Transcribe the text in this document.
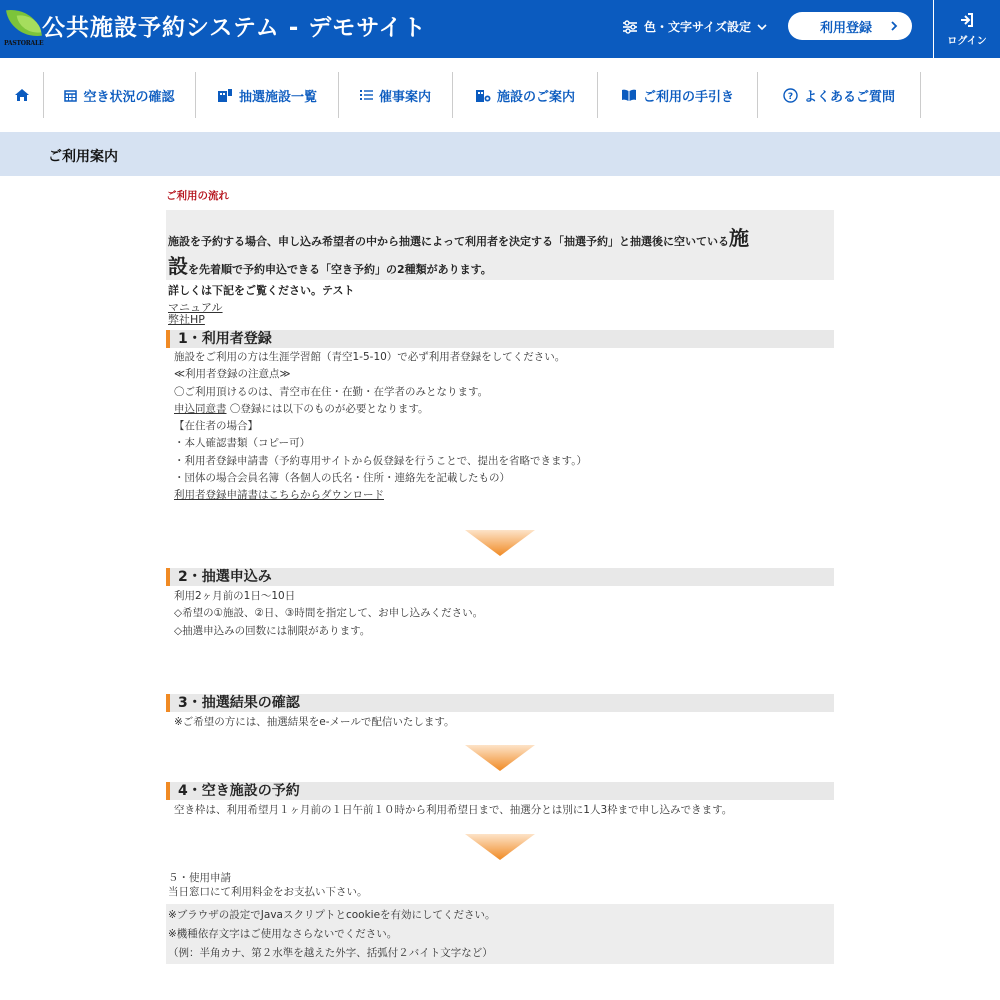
PASTORALE
公共施設予約システム - デモサイト	色・文字サイズ設定	利用登録
ログイン
空き状況の確認	抽選施設一覧	催事案内	施設のご案内	ご利用の手引き	? よくあるご質問
ご利用案内
ご利用の流れ
施設を予約する場合、申し込み希望者の中から抽選によって利用者を決定する「抽選予約」と抽選後に空いている施
設を先着順で予約申込できる「空き予約」の2種類があります。
詳しくは下記をご覧ください。テスト
マニュアル
弊社HP
1・利用者登録
施設をご利用の方は生涯学習館（青空1-5-10）で必ず利用者登録をしてください。
≪利用者登録の注意点≫
〇ご利用頂けるのは、青空市在住・在勤・在学者のみとなります。
申込同意書 〇登録には以下のものが必要となります。
【在住者の場合】
・本人確認書類（コピー可）
・利用者登録申請書（予約専用サイトから仮登録を行うことで、提出を省略できます。）
・団体の場合会員名簿（各個人の氏名・住所・連絡先を記載したもの）
利用者登録申請書はこちらからダウンロード
2・抽選申込み
利用2ヶ月前の1日〜10日
◇希望の①施設、②日、③時間を指定して、お申し込みください。
◇抽選申込みの回数には制限があります。
3・抽選結果の確認
※ご希望の方には、抽選結果をe-メールで配信いたします。
4・空き施設の予約
空き枠は、利用希望月１ヶ月前の１日午前１０時から利用希望日まで、抽選分とは別に1人3枠まで申し込みできます。
５・使用申請
当日窓口にて利用料金をお支払い下さい。
※ブラウザの設定でJavaスクリプトとcookieを有効にしてください。
※機種依存文字はご使用なさらないでください。
（例：半角カナ、第２水準を越えた外字、括弧付２バイト文字など）
